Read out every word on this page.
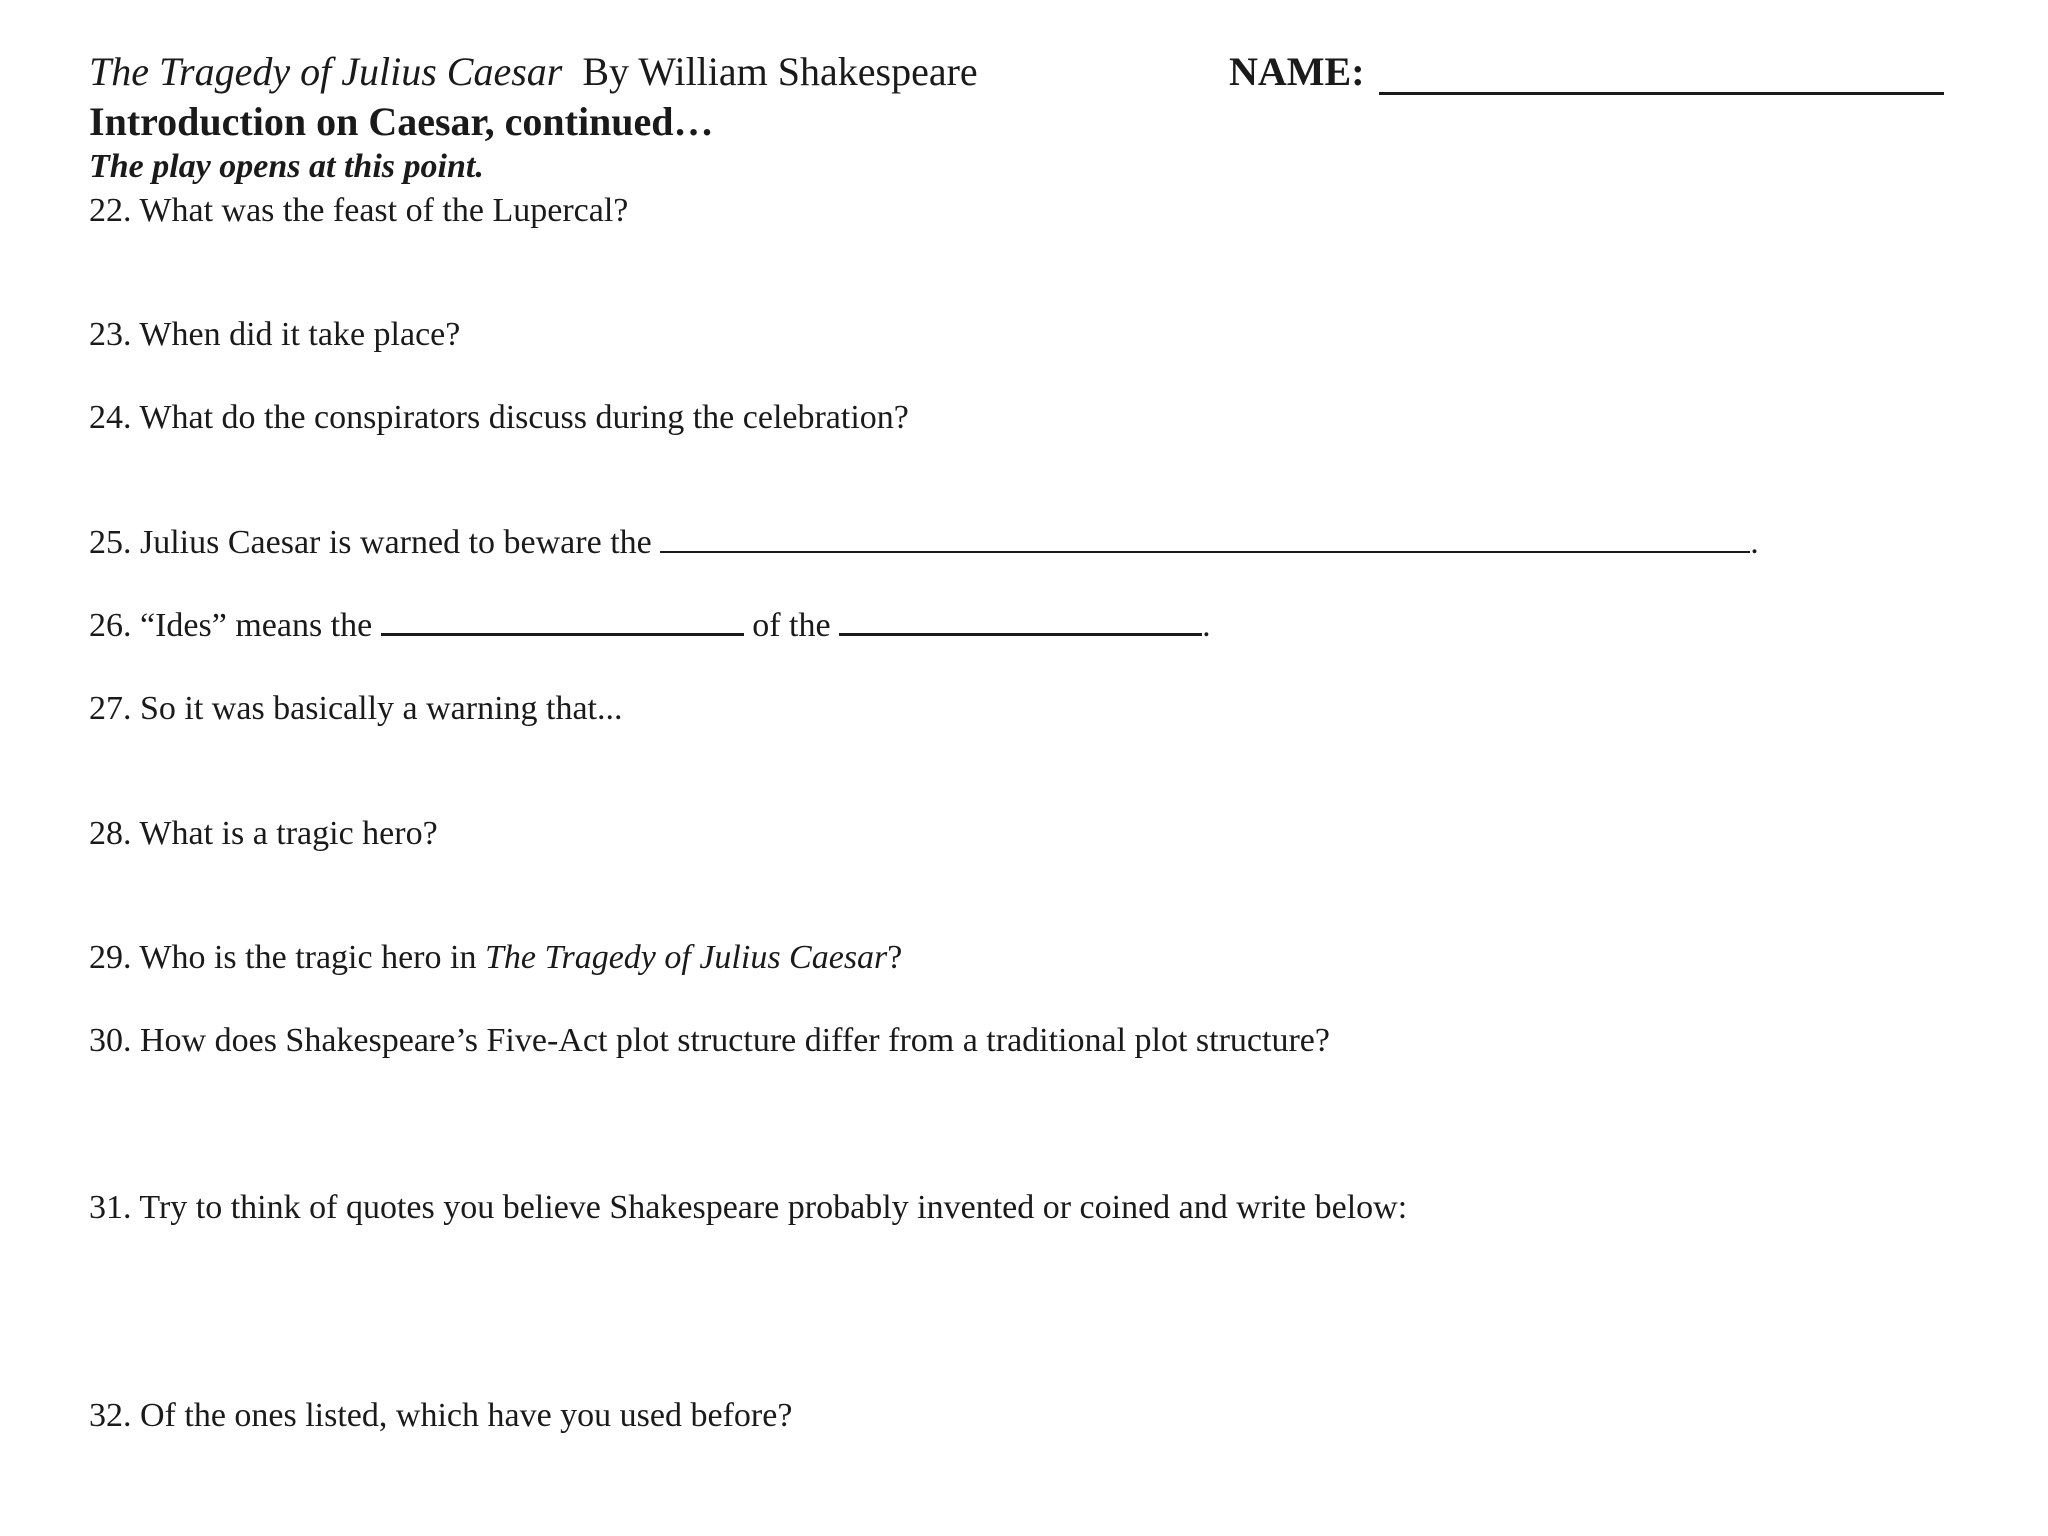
The Tragedy of Julius Caesar By William Shakespeare	NAME:
Introduction on Caesar, continued…
The play opens at this point.
22. What was the feast of the Lupercal?
23. When did it take place?
24. What do the conspirators discuss during the celebration?
25. Julius Caesar is warned to beware the	.
26. “Ides” means the	of the	.
27. So it was basically a warning that...
28. What is a tragic hero?
29. Who is the tragic hero in The Tragedy of Julius Caesar?
30. How does Shakespeare’s Five-Act plot structure differ from a traditional plot structure?
31. Try to think of quotes you believe Shakespeare probably invented or coined and write below:
32. Of the ones listed, which have you used before?
